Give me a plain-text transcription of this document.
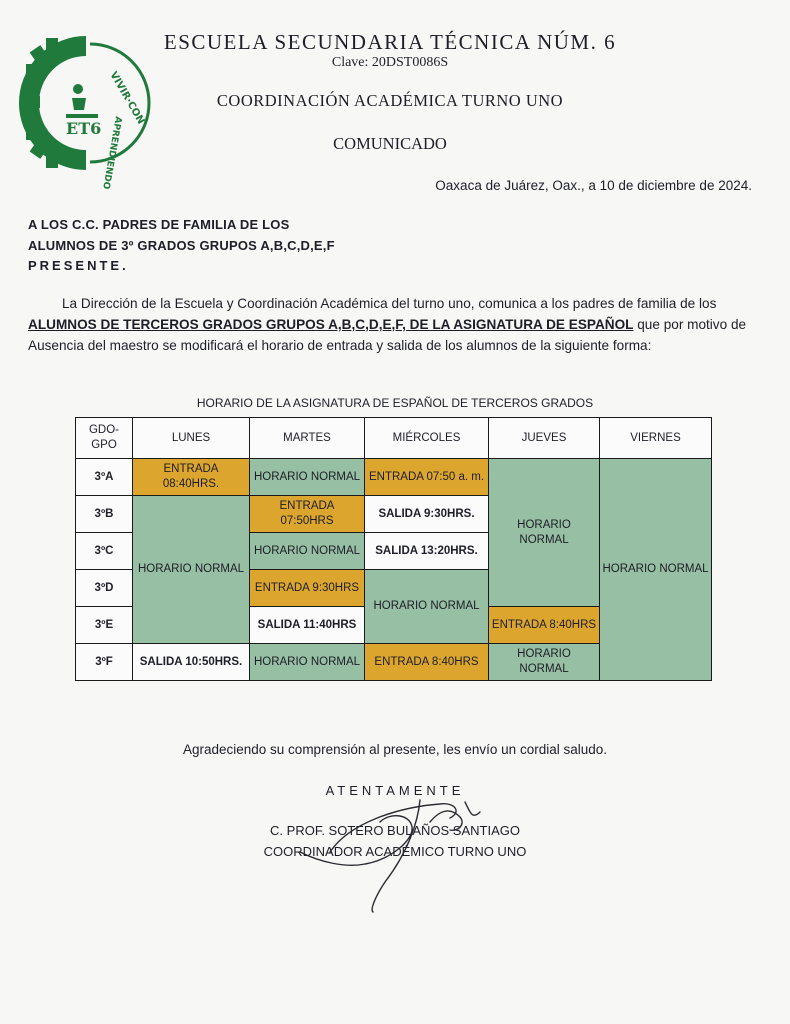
VIVIR·CON
APRENDIENDO
ET6
ESCUELA SECUNDARIA TÉCNICA NÚM. 6
Clave: 20DST0086S
COORDINACIÓN ACADÉMICA TURNO UNO
COMUNICADO
Oaxaca de Juárez, Oax., a 10 de diciembre de 2024.
A LOS C.C. PADRES DE FAMILIA DE LOS
ALUMNOS DE 3º GRADOS GRUPOS A,B,C,D,E,F
PRESENTE.
La Dirección de la Escuela y Coordinación Académica del turno uno, comunica a los padres de familia de los ALUMNOS DE TERCEROS GRADOS GRUPOS A,B,C,D,E,F, DE LA ASIGNATURA DE ESPAÑOL que por motivo de Ausencia del maestro se modificará el horario de entrada y salida de los alumnos de la siguiente forma:
HORARIO DE LA ASIGNATURA DE ESPAÑOL DE TERCEROS GRADOS
GDO-GPO	LUNES	MARTES	MIÉRCOLES	JUEVES	VIERNES
3ºA	ENTRADA 08:40HRS.	HORARIO NORMAL	ENTRADA 07:50 a. m.	HORARIO NORMAL	HORARIO NORMAL
3ºB	HORARIO NORMAL	ENTRADA 07:50HRS	SALIDA 9:30HRS.		
3ºC		HORARIO NORMAL	SALIDA 13:20HRS.		
3ºD		ENTRADA 9:30HRS	HORARIO NORMAL		
3ºE		SALIDA 11:40HRS		ENTRADA 8:40HRS	
3ºF	SALIDA 10:50HRS.	HORARIO NORMAL	ENTRADA 8:40HRS	HORARIO NORMAL	
Agradeciendo su comprensión al presente, les envío un cordial saludo.
ATENTAMENTE
C. PROF. SOTERO BULAÑOS SANTIAGO
COORDINADOR ACADÉMICO TURNO UNO
